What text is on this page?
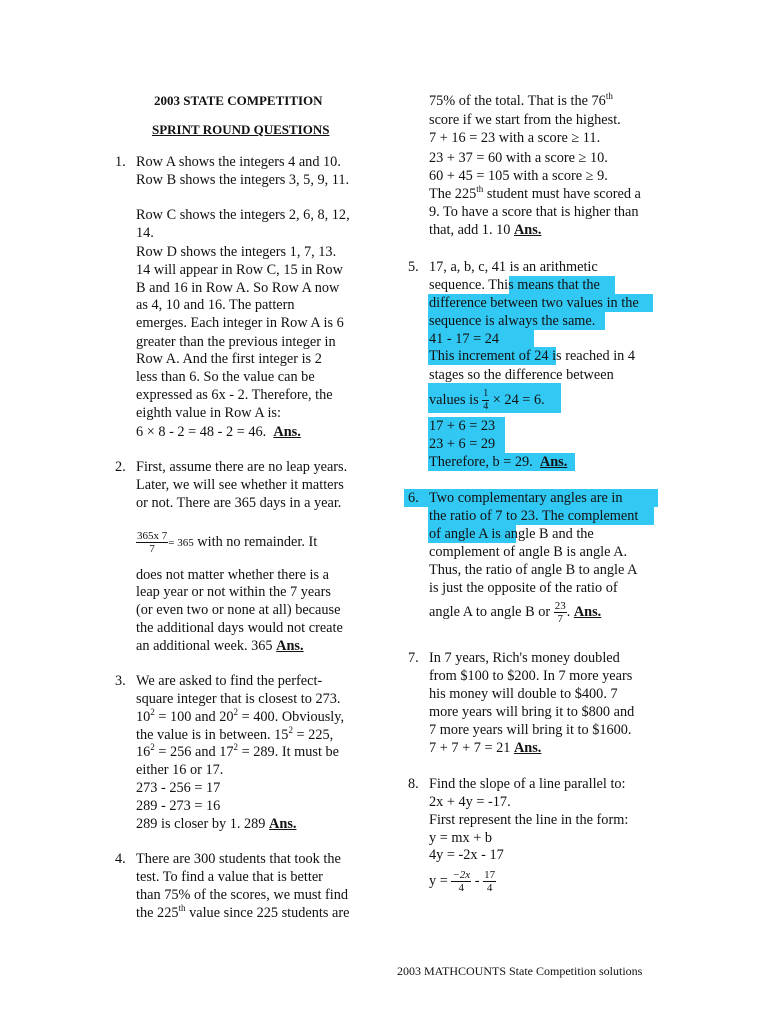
2003 STATE COMPETITION
SPRINT ROUND QUESTIONS
1. Row A shows the integers 4 and 10.
Row B shows the integers 3, 5, 9, 11.
Row C shows the integers 2, 6, 8, 12,
14.
Row D shows the integers 1, 7, 13.
14 will appear in Row C, 15 in Row
B and 16 in Row A. So Row A now
as 4, 10 and 16. The pattern
emerges. Each integer in Row A is 6
greater than the previous integer in
Row A. And the first integer is 2
less than 6. So the value can be
expressed as 6x - 2. Therefore, the
eighth value in Row A is:
6 × 8 - 2 = 48 - 2 = 46. Ans.
2. First, assume there are no leap years.
Later, we will see whether it matters
or not. There are 365 days in a year.
$\frac{365x 7}{7} = 365$ with no remainder. It
does not matter whether there is a
leap year or not within the 7 years
(or even two or none at all) because
the additional days would not create
an additional week. 365 Ans.
3. We are asked to find the perfect-
square integer that is closest to 273.
$10^2 = 100$ and $20^2 = 400$. Obviously,
the value is in between. $15^2 = 225$,
$16^2 = 256$ and $17^2 = 289$. It must be
either 16 or 17.
273 - 256 = 17
289 - 273 = 16
289 is closer by 1. 289 Ans.
4. There are 300 students that took the
test. To find a value that is better
than 75% of the scores, we must find
the 225th value since 225 students are
75% of the total. That is the 76th
score if we start from the highest.
7 + 16 = 23 with a score ≥ 11.
23 + 37 = 60 with a score ≥ 10.
60 + 45 = 105 with a score ≥ 9.
The 225th student must have scored a
9. To have a score that is higher than
that, add 1. 10 Ans.
5. 17, a, b, c, 41 is an arithmetic
sequence. This means that the
difference between two values in the
sequence is always the same.
41 - 17 = 24
This increment of 24 is reached in 4
stages so the difference between
values is $\frac{1}{4} \times 24 = 6$.
17 + 6 = 23
23 + 6 = 29
Therefore, b = 29. Ans.
6. Two complementary angles are in
the ratio of 7 to 23. The complement
of angle A is angle B and the
complement of angle B is angle A.
Thus, the ratio of angle B to angle A
is just the opposite of the ratio of
angle A to angle B or $\frac{23}{7}$ . Ans.
7. In 7 years, Rich's money doubled
from $100 to $200. In 7 more years
his money will double to $400. 7
more years will bring it to $800 and
7 more years will bring it to $1600.
7 + 7 + 7 = 21 Ans.
8. Find the slope of a line parallel to:
2x + 4y = -17.
First represent the line in the form:
y = mx + b
4y = -2x - 17
$y = \frac{-2x}{4} - \frac{17}{4}$
2003 MATHCOUNTS State Competition solutions
